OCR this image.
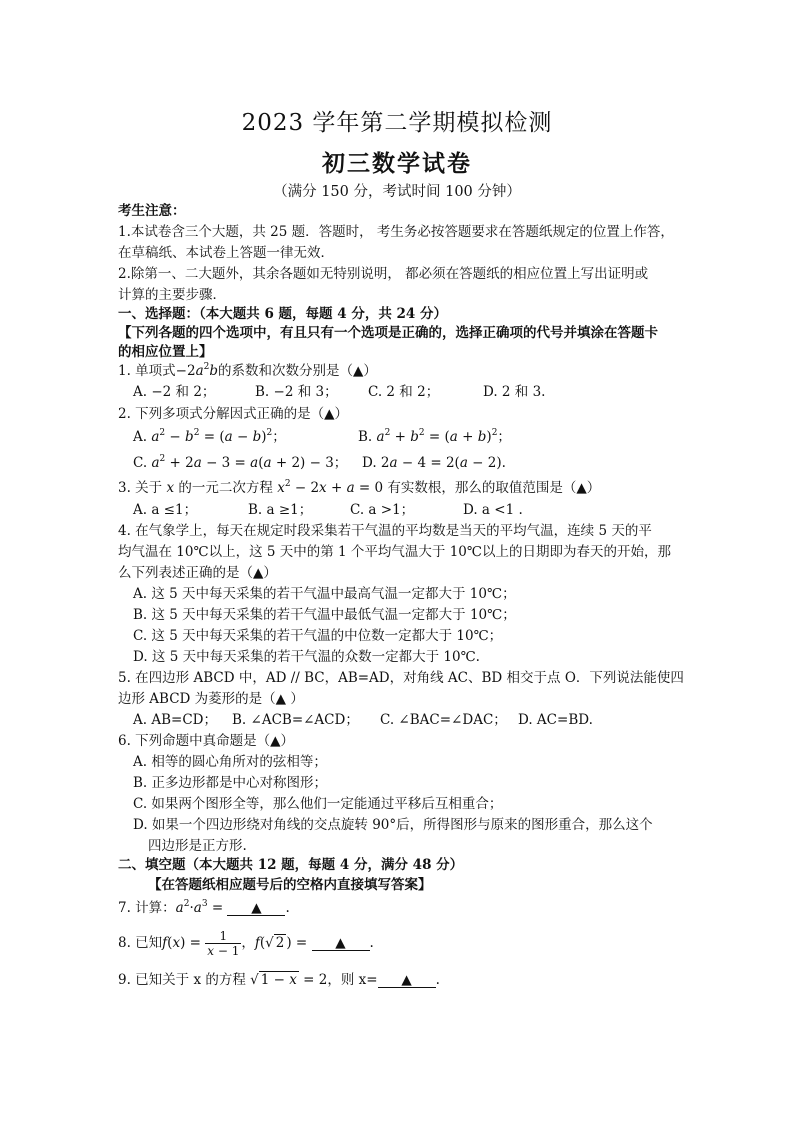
2023 学年第二学期模拟检测
初三数学试卷
（满分 150 分，考试时间 100 分钟）
考生注意：
1.本试卷含三个大题，共 25 题．答题时， 考生务必按答题要求在答题纸规定的位置上作答，
在草稿纸、本试卷上答题一律无效．
2.除第一、二大题外，其余各题如无特别说明， 都必须在答题纸的相应位置上写出证明或
计算的主要步骤．
一、选择题：（本大题共 6 题，每题 4 分，共 24 分）
【下列各题的四个选项中，有且只有一个选项是正确的，选择正确项的代号并填涂在答题卡
的相应位置上】
1. 单项式$-2a^2b$的系数和次数分别是（▲）
A. −2 和 2；	B. −2 和 3； C. 2 和 2；	D. 2 和 3.
2. 下列多项式分解因式正确的是（▲）
A. $a^2 - b^2 = (a - b)^2$；	B. $a^2 + b^2 = (a + b)^2$；
C. $a^2 + 2a - 3 = a(a + 2) - 3$； D. 2a − 4 = 2(a − 2).
3. 关于 x 的一元二次方程 $x^2 - 2x + a = 0$ 有实数根，那么的取值范围是（▲）
A. a ≤1；	B. a ≥1；	C. a >1；	D. a <1 .
4. 在气象学上，每天在规定时段采集若干气温的平均数是当天的平均气温，连续 5 天的平
均气温在 10℃以上，这 5 天中的第 1 个平均气温大于 10℃以上的日期即为春天的开始，那
么下列表述正确的是（▲）
A. 这 5 天中每天采集的若干气温中最高气温一定都大于 10℃；
B. 这 5 天中每天采集的若干气温中最低气温一定都大于 10℃；
C. 这 5 天中每天采集的若干气温的中位数一定都大于 10℃；
D. 这 5 天中每天采集的若干气温的众数一定都大于 10℃.
5. 在四边形 ABCD 中，AD // BC，AB=AD，对角线 AC、BD 相交于点 O．下列说法能使四
边形 ABCD 为菱形的是（▲ ）
A. AB=CD； B. ∠ACB=∠ACD； C. ∠BAC=∠DAC； D. AC=BD.
6. 下列命题中真命题是（▲）
A. 相等的圆心角所对的弦相等；
B. 正多边形都是中心对称图形；
C. 如果两个图形全等，那么他们一定能通过平移后互相重合；
D. 如果一个四边形绕对角线的交点旋转 90°后，所得图形与原来的图形重合，那么这个
四边形是正方形.
二、填空题（本大题共 12 题，每题 4 分，满分 48 分）
【在答题纸相应题号后的空格内直接填写答案】
7. 计算：$a^2\cdot a^3$ = ▲ .
8. 已知$f(x) = \frac{1}{x - 1}$ ，f(√ 2 ) = ▲ .
9. 已知关于 x 的方程 √ 1 − x = 2，则 x= ▲ .
